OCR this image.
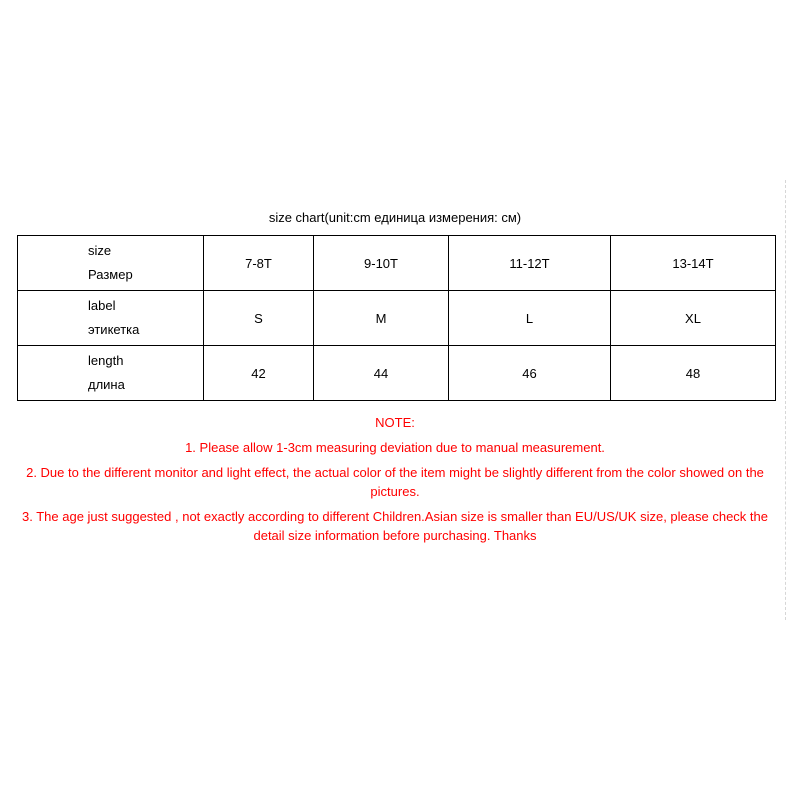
size chart(unit:cm единица измерения: см)
size
Размер	7-8T	9-10T	11-12T	13-14T

label
этикетка	S	M	L	XL

length
длина	42	44	46	48

NOTE:

1. Please allow 1-3cm measuring deviation due to manual measurement.

2. Due to the different monitor and light effect, the actual color of the item might be slightly different from the color showed on the pictures.

3. The age just suggested , not exactly according to different Children.Asian size is smaller than EU/US/UK size, please check the detail size information before purchasing. Thanks
